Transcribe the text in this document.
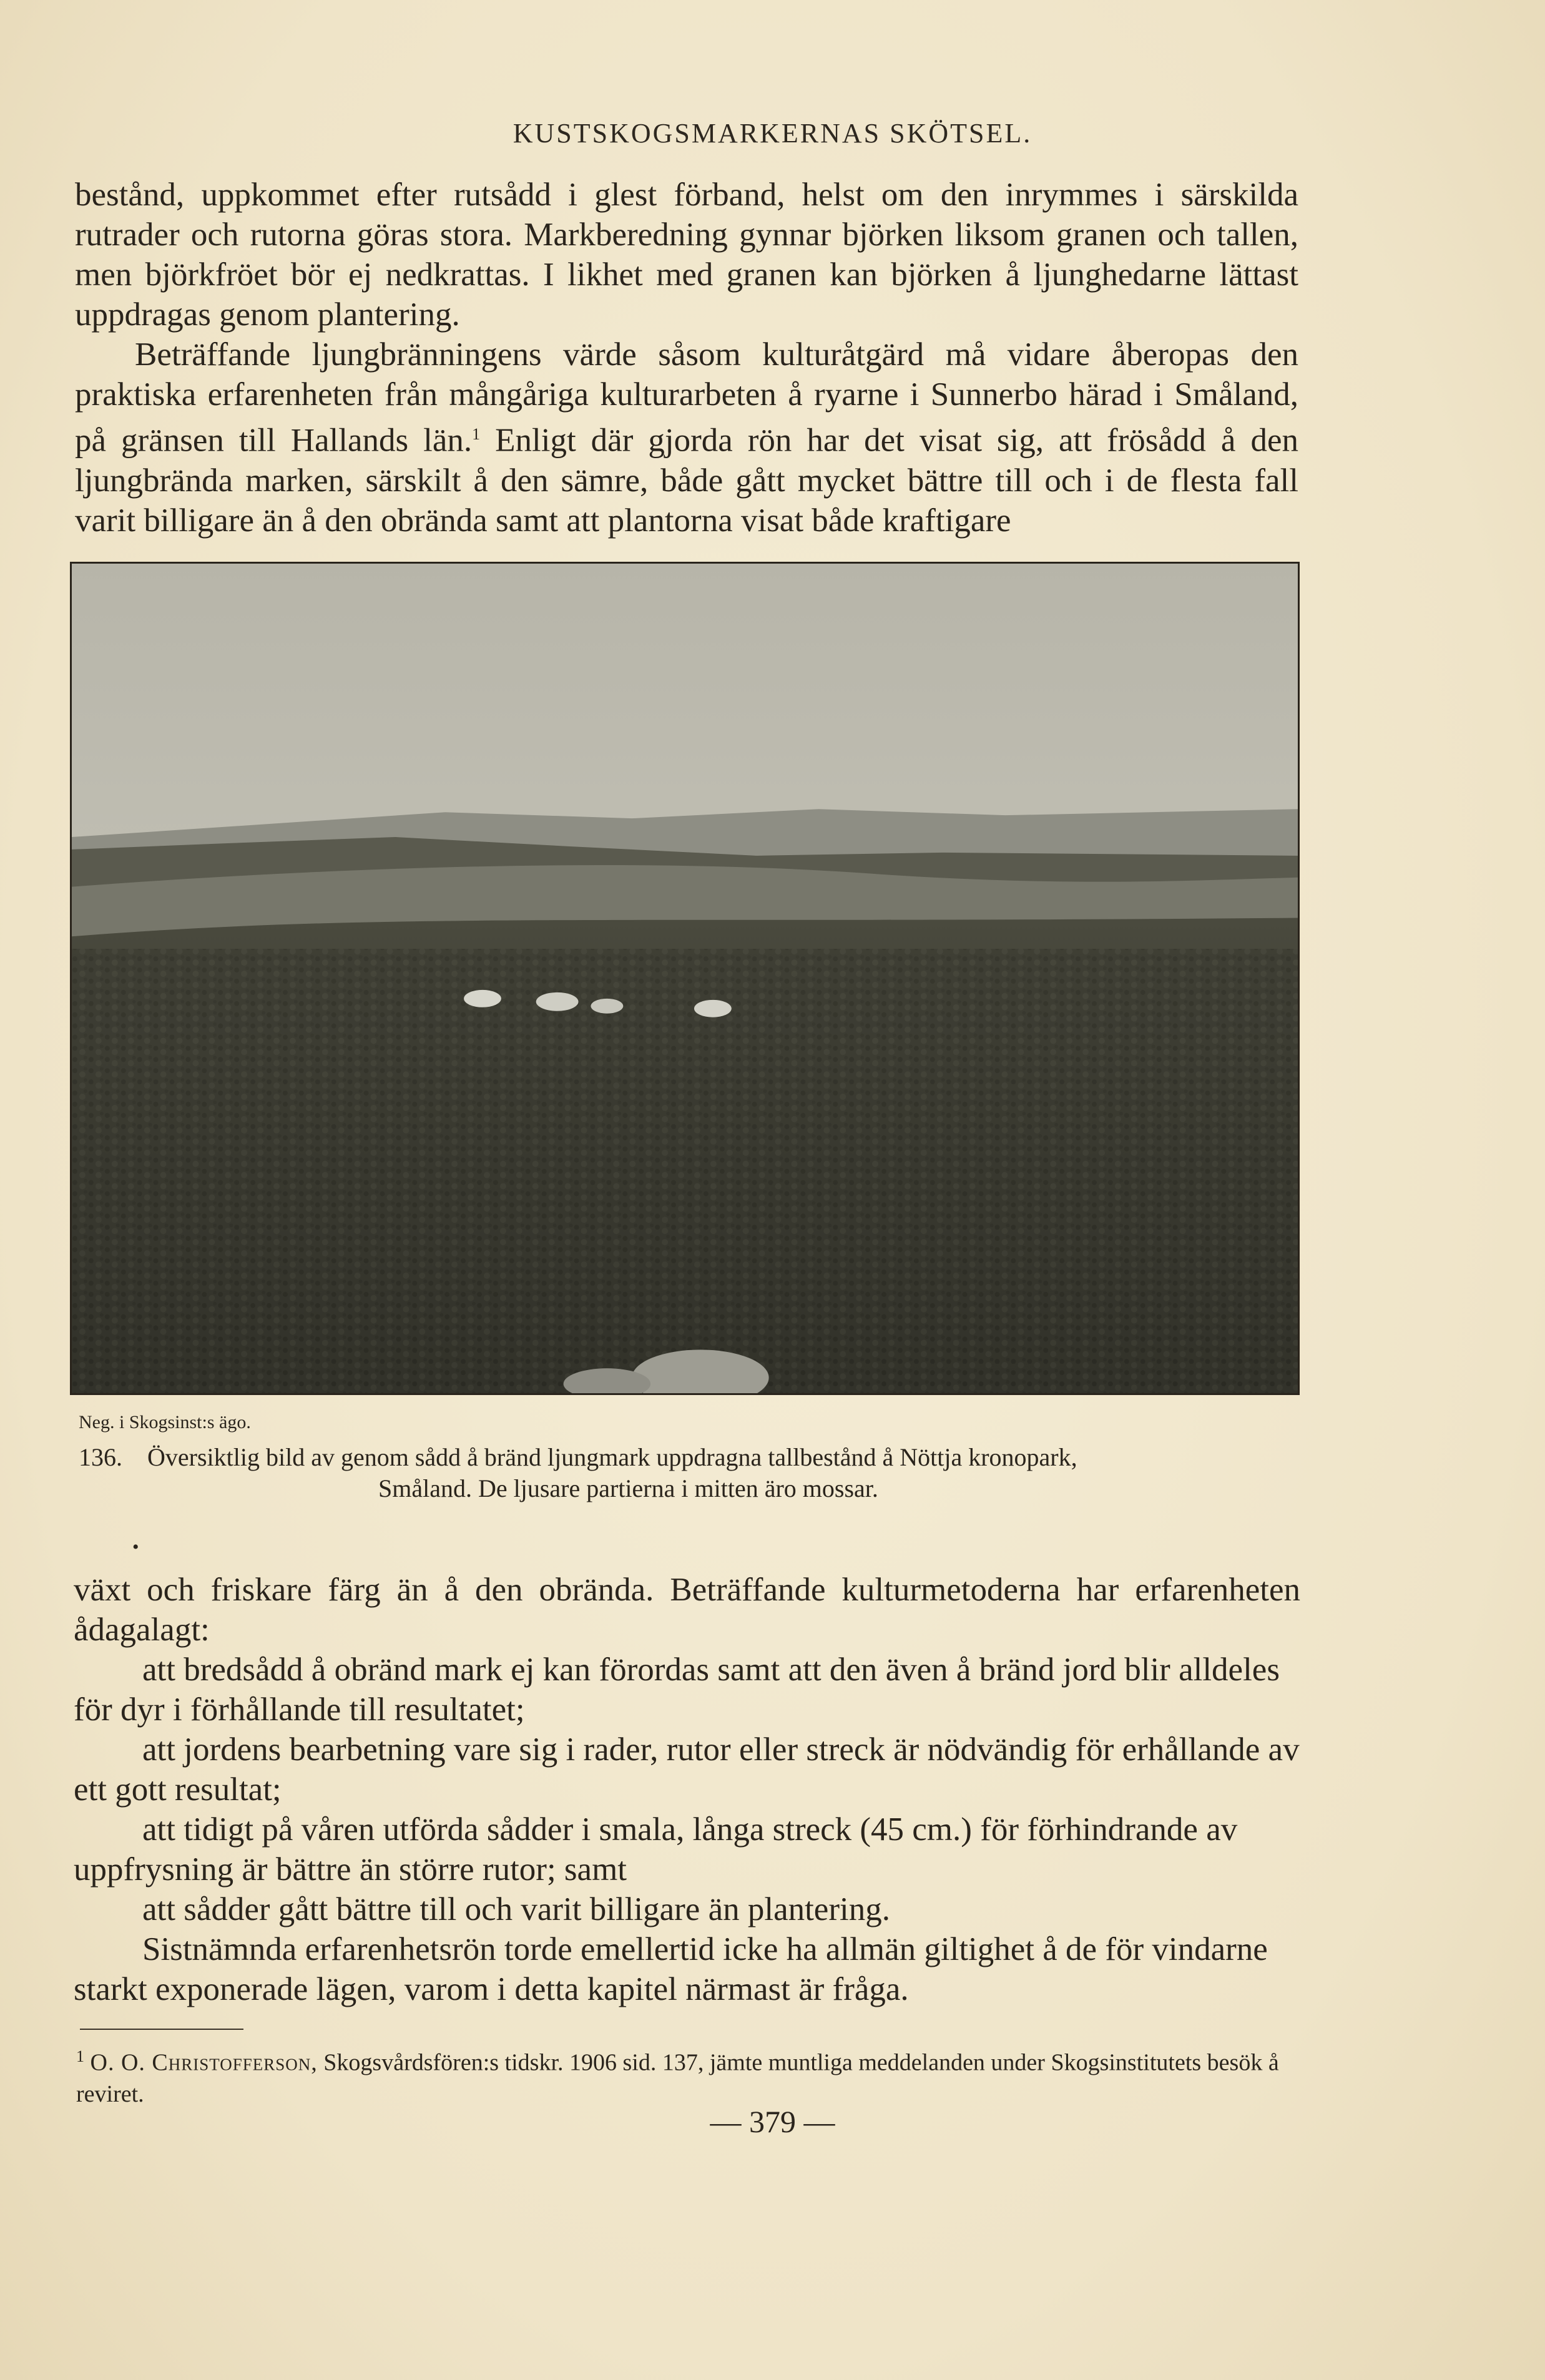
KUSTSKOGSMARKERNAS SKÖTSEL.

bestånd, uppkommet efter rutsådd i glest förband, helst om den inrymmes i särskilda rutrader och rutorna göras stora. Markberedning gynnar björken liksom granen och tallen, men björkfröet bör ej nedkrattas. I likhet med granen kan björken å ljunghedarne lättast uppdragas genom plantering.

Beträffande ljungbränningens värde såsom kulturåtgärd må vidare åberopas den praktiska erfarenheten från mångåriga kulturarbeten å ryarne i Sunnerbo härad i Småland, på gränsen till Hallands län.$^1$ Enligt där gjorda rön har det visat sig, att frösådd å den ljungbrända marken, särskilt å den sämre, både gått mycket bättre till och i de flesta fall varit billigare än å den obrända samt att plantorna visat både kraftigare

Neg. i Skogsinst:s ägo.
136. Översiktlig bild av genom sådd å bränd ljungmark uppdragna tallbestånd å Nöttja kronopark,
Småland. De ljusare partierna i mitten äro mossar.
•

växt och friskare färg än å den obrända. Beträffande kulturmetoderna har erfarenheten ådagalagt:

att bredsådd å obränd mark ej kan förordas samt att den även å bränd jord blir alldeles för dyr i förhållande till resultatet;

att jordens bearbetning vare sig i rader, rutor eller streck är nödvändig för erhållande av ett gott resultat;

att tidigt på våren utförda sådder i smala, långa streck (45 cm.) för förhindrande av uppfrysning är bättre än större rutor; samt

att sådder gått bättre till och varit billigare än plantering.

Sistnämnda erfarenhetsrön torde emellertid icke ha allmän giltighet å de för vindarne starkt exponerade lägen, varom i detta kapitel närmast är fråga.

$^1$ O. O. Christofferson, Skogsvårdsfören:s tidskr. 1906 sid. 137, jämte muntliga meddelanden under Skogsinstitutets besök å reviret.
— 379 —
